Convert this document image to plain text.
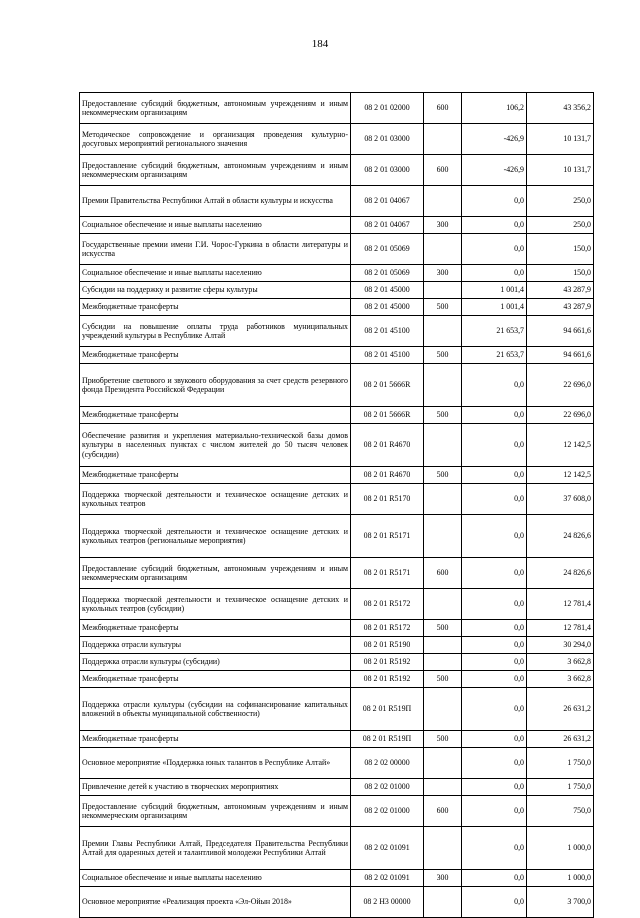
184
Предоставление субсидий бюджетным, автономным учреждениям и иным некоммерческим организациям	08 2 01 02000	600	106,2	43 356,2
Методическое сопровождение и организация проведения культурно-досуговых мероприятий регионального значения	08 2 01 03000		-426,9	10 131,7
Предоставление субсидий бюджетным, автономным учреждениям и иным некоммерческим организациям	08 2 01 03000	600	-426,9	10 131,7
Премии Правительства Республики Алтай в области культуры и искусства	08 2 01 04067		0,0	250,0
Социальное обеспечение и иные выплаты населению	08 2 01 04067	300	0,0	250,0
Государственные премии имени Г.И. Чорос-Гуркина в области литературы и искусства	08 2 01 05069		0,0	150,0
Социальное обеспечение и иные выплаты населению	08 2 01 05069	300	0,0	150,0
Субсидии на поддержку и развитие сферы культуры	08 2 01 45000		1 001,4	43 287,9
Межбюджетные трансферты	08 2 01 45000	500	1 001,4	43 287,9
Субсидии на повышение оплаты труда работников муниципальных учреждений культуры в Республике Алтай	08 2 01 45100		21 653,7	94 661,6
Межбюджетные трансферты	08 2 01 45100	500	21 653,7	94 661,6
Приобретение светового и звукового оборудования за счет средств резервного фонда Президента Российской Федерации	08 2 01 5666R		0,0	22 696,0
Межбюджетные трансферты	08 2 01 5666R	500	0,0	22 696,0
Обеспечение развития и укрепления материально-технической базы домов культуры в населенных пунктах с числом жителей до 50 тысяч человек (субсидии)	08 2 01 R4670		0,0	12 142,5
Межбюджетные трансферты	08 2 01 R4670	500	0,0	12 142,5
Поддержка творческой деятельности и техническое оснащение детских и кукольных театров	08 2 01 R5170		0,0	37 608,0
Поддержка творческой деятельности и техническое оснащение детских и кукольных театров (региональные мероприятия)	08 2 01 R5171		0,0	24 826,6
Предоставление субсидий бюджетным, автономным учреждениям и иным некоммерческим организациям	08 2 01 R5171	600	0,0	24 826,6
Поддержка творческой деятельности и техническое оснащение детских и кукольных театров (субсидии)	08 2 01 R5172		0,0	12 781,4
Межбюджетные трансферты	08 2 01 R5172	500	0,0	12 781,4
Поддержка отрасли культуры	08 2 01 R5190		0,0	30 294,0
Поддержка отрасли культуры (субсидии)	08 2 01 R5192		0,0	3 662,8
Межбюджетные трансферты	08 2 01 R5192	500	0,0	3 662,8
Поддержка отрасли культуры (субсидии на софинансирование капитальных вложений в объекты муниципальной собственности)	08 2 01 R519П		0,0	26 631,2
Межбюджетные трансферты	08 2 01 R519П	500	0,0	26 631,2
Основное мероприятие «Поддержка юных талантов в Республике Алтай»	08 2 02 00000		0,0	1 750,0
Привлечение детей к участию в творческих мероприятиях	08 2 02 01000		0,0	1 750,0
Предоставление субсидий бюджетным, автономным учреждениям и иным некоммерческим организациям	08 2 02 01000	600	0,0	750,0
Премии Главы Республики Алтай, Председателя Правительства Республики Алтай для одаренных детей и талантливой молодежи Республики Алтай	08 2 02 01091		0,0	1 000,0
Социальное обеспечение и иные выплаты населению	08 2 02 01091	300	0,0	1 000,0
Основное мероприятие «Реализация проекта «Эл-Ойын 2018»	08 2 Н3 00000		0,0	3 700,0
